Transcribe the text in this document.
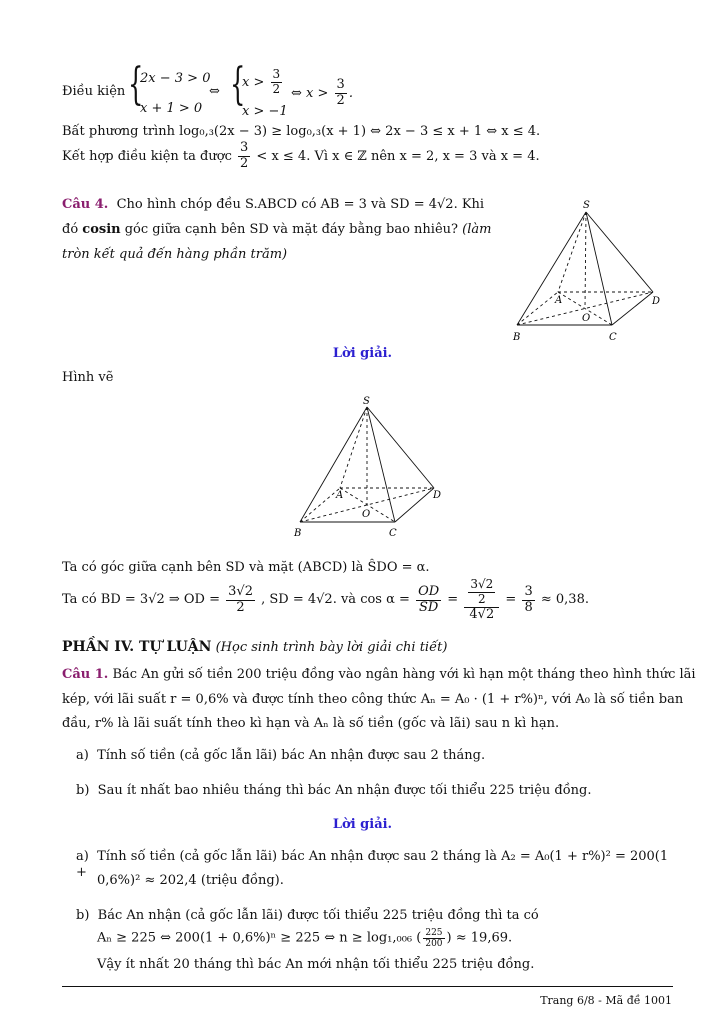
Điều kiện {
2x − 3 > 0
x + 1 > 0
⇔ {
$x > \frac{3}{2}$
x > −1
⇔ $x > \frac{3}{2}$ .
Bất phương trình log₀,₃(2x − 3) ≥ log₀,₃(x + 1) ⇔ 2x − 3 ≤ x + 1 ⇔ x ≤ 4.
Kết hợp điều kiện ta được $\frac{3}{2} < x \le 4$. Vì x ∈ ℤ nên x = 2, x = 3 và x = 4.
Câu 4. Cho hình chóp đều S.ABCD có AB = 3 và SD = 4√2. Khi
đó cosin góc giữa cạnh bên SD và mặt đáy bằng bao nhiêu? (làm
tròn kết quả đến hàng phần trăm)
S
A
B	C
D
O
Lời giải.
Hình vẽ
S
A
B	C
D
O
Ta có góc giữa cạnh bên SD và mặt (ABCD) là ŜDO = α.
Ta có BD = 3√2 ⇒ OD = $\frac{3√2}{2}$ , SD = 4√2. và $\cos \alpha = \frac{OD}{SD} = \frac{\frac{3√2}{2}}{4√2} = \frac{3}{8} \approx 0,38$.
PHẦN IV. TỰ LUẬN (Học sinh trình bày lời giải chi tiết)
Câu 1. Bác An gửi số tiền 200 triệu đồng vào ngân hàng với kì hạn một tháng theo hình thức lãi
kép, với lãi suất r = 0,6% và được tính theo công thức Aₙ = A₀ · (1 + r%)ⁿ, với A₀ là số tiền ban
đầu, r% là lãi suất tính theo kì hạn và Aₙ là số tiền (gốc và lãi) sau n kì hạn.
a) Tính số tiền (cả gốc lẫn lãi) bác An nhận được sau 2 tháng.
b) Sau ít nhất bao nhiêu tháng thì bác An nhận được tối thiểu 225 triệu đồng.
Lời giải.
a) Tính số tiền (cả gốc lẫn lãi) bác An nhận được sau 2 tháng là A₂ = A₀(1 + r%)² = 200(1 +
0,6%)² ≈ 202,4 (triệu đồng).
b) Bác An nhận (cả gốc lẫn lãi) được tối thiểu 225 triệu đồng thì ta có
Aₙ ≥ 225 ⇔ 200(1 + 0,6%)ⁿ ≥ 225 ⇔ n ≥ log₁,₀₀₆ ( $\frac{225}{200}$ ) ≈ 19,69.
Vậy ít nhất 20 tháng thì bác An mới nhận tối thiểu 225 triệu đồng.
Trang 6/8 - Mã đề 1001
